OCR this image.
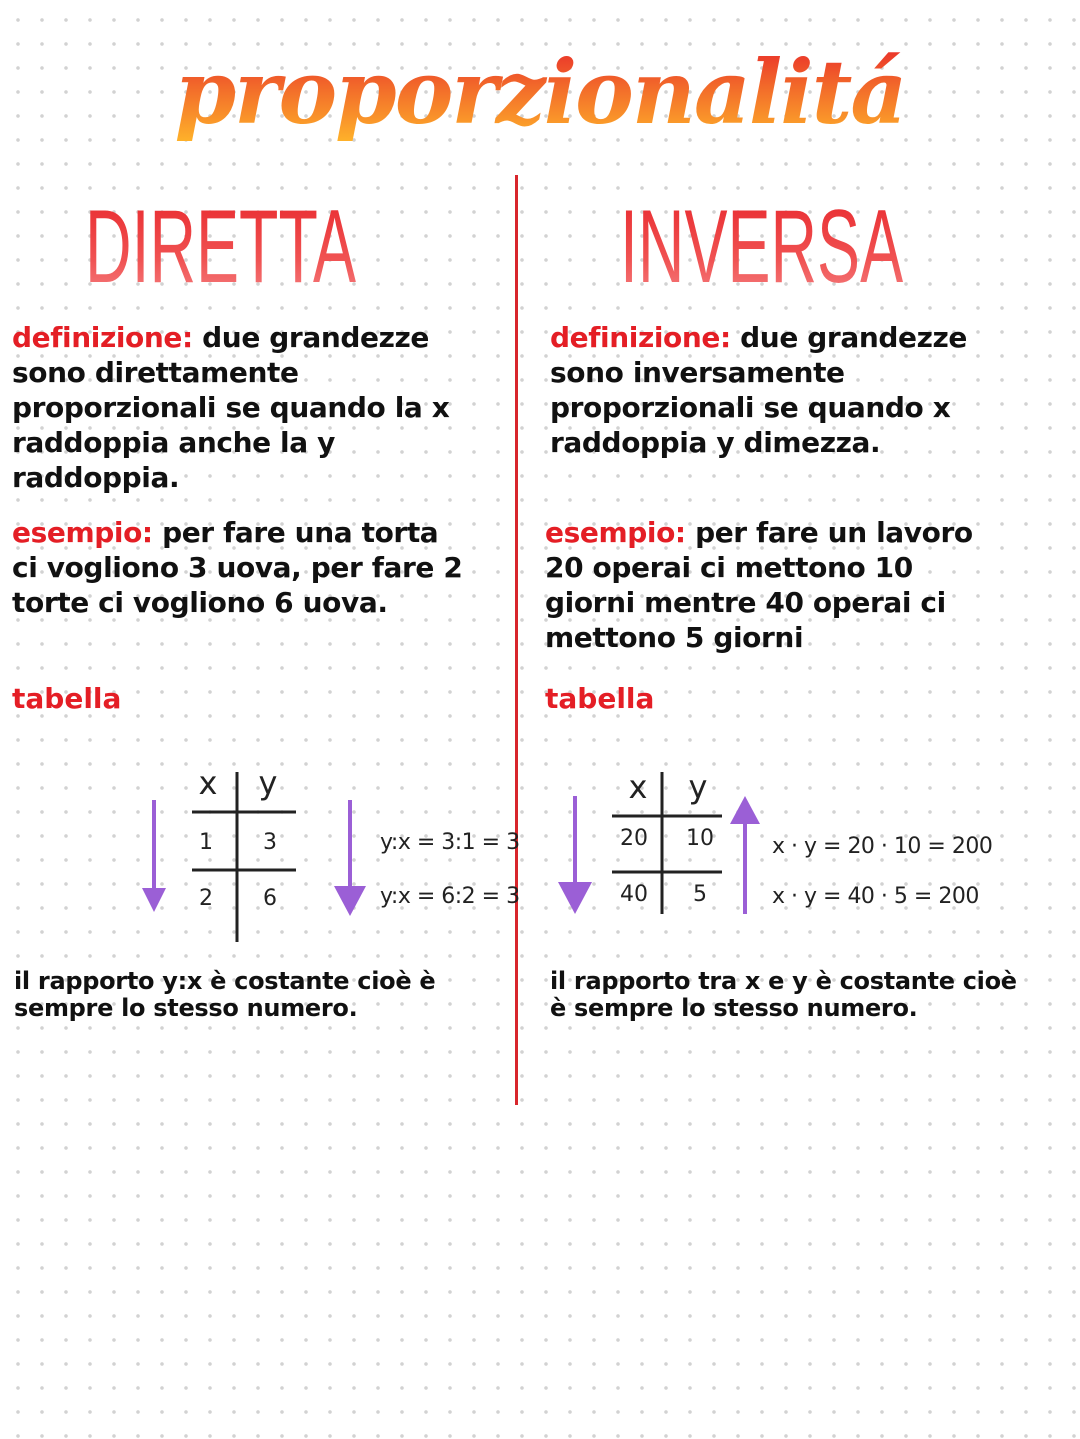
proporzionalitá
DIRETTA
definizione: due grandezze sono direttamente proporzionali se quando la x raddoppia anche la y raddoppia.
esempio: per fare una torta ci vogliono 3 uova, per fare 2 torte ci vogliono 6 uova.
tabella
x y
1	3
2	6
y:x = 3:1 = 3
y:x = 6:2 = 3
il rapporto y:x è costante cioè è sempre lo stesso numero.
INVERSA
definizione: due grandezze sono inversamente proporzionali se quando x raddoppia y dimezza.
esempio: per fare un lavoro 20 operai ci mettono 10 giorni mentre 40 operai ci mettono 5 giorni
tabella
x y
20	10
40	5
x · y = 20 · 10 = 200
x · y = 40 · 5 = 200
il rapporto tra x e y è costante cioè è sempre lo stesso numero.
